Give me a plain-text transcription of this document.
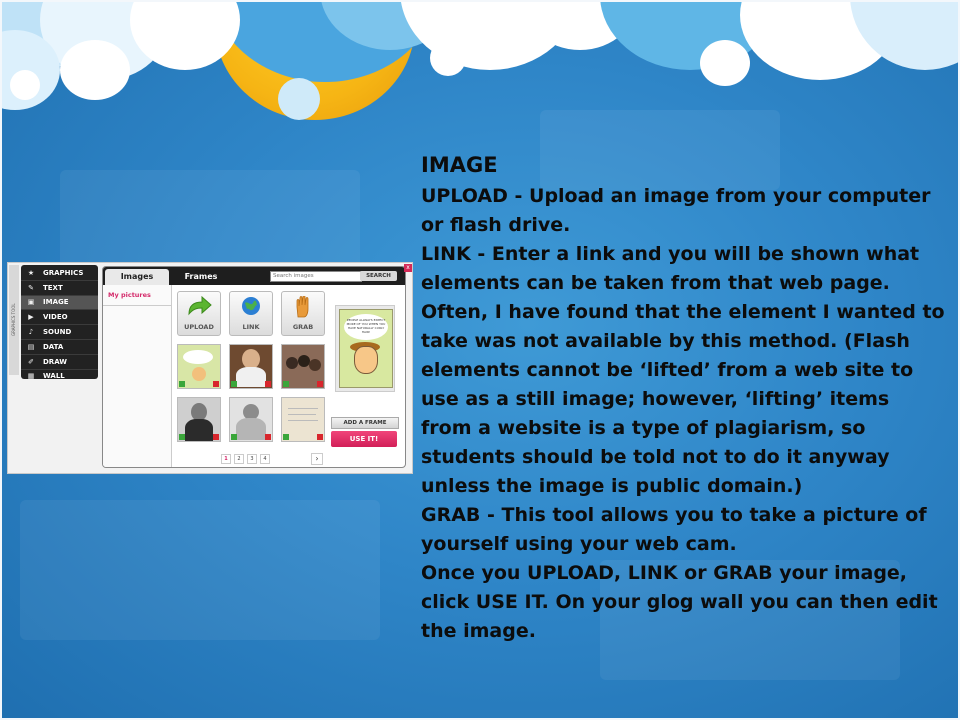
GRAPHICS TOOL
★	GRAPHICS
✎	TEXT
▣	IMAGE
▶	VIDEO
♪	SOUND
▤	DATA
✐	DRAW
▦	WALL
Images	Frames
Search images	SEARCH
My pictures
UPLOAD	LINK	GRAB
PEOPLE ALLWAYS EXPECT MORE OF YOU WHEN YOU HAVE NATURALLY CURLY HAIR!
ADD A FRAME
USE IT!
1	2	3	4	›
x

IMAGE

UPLOAD - Upload an image from your computer or flash drive.

LINK - Enter a link and you will be shown what elements can be taken from that web page. Often, I have found that the element I wanted to take was not available by this method. (Flash elements cannot be ‘lifted’ from a web site to use as a still image; however, ‘lifting’ items from a website is a type of plagiarism, so students should be told not to do it anyway unless the image is public domain.)

GRAB - This tool allows you to take a picture of yourself using your web cam.

Once you UPLOAD, LINK or GRAB your image, click USE IT. On your glog wall you can then edit the image.
